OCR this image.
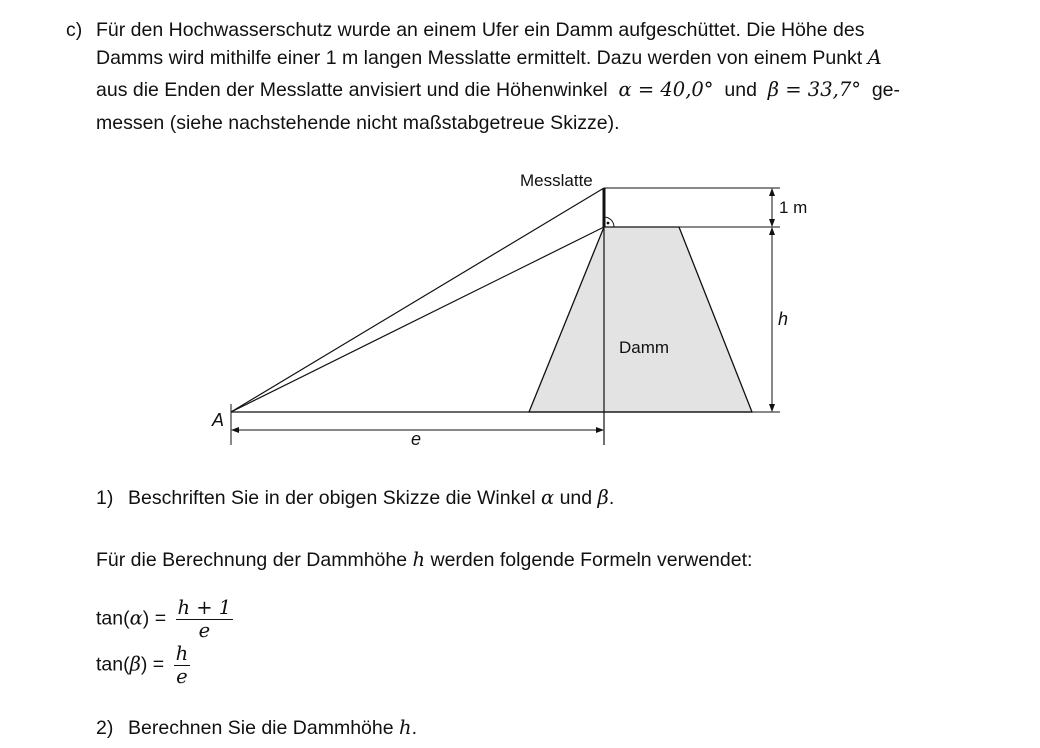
c) Für den Hochwasserschutz wurde an einem Ufer ein Damm aufgeschüttet. Die Höhe des
Damms wird mithilfe einer 1 m langen Messlatte ermittelt. Dazu werden von einem Punkt A
aus die Enden der Messlatte anvisiert und die Höhenwinkel α = 40,0° und β = 33,7° ge-
messen (siehe nachstehende nicht maßstabgetreue Skizze).
Messlatte
1 m
h
Damm
A
e
1) Beschriften Sie in der obigen Skizze die Winkel α und β.
Für die Berechnung der Dammhöhe h werden folgende Formeln verwendet:
$\tan(\alpha) = \frac{h + 1}{e}$
$\tan(\beta) = \frac{h}{e}$
2) Berechnen Sie die Dammhöhe h.
